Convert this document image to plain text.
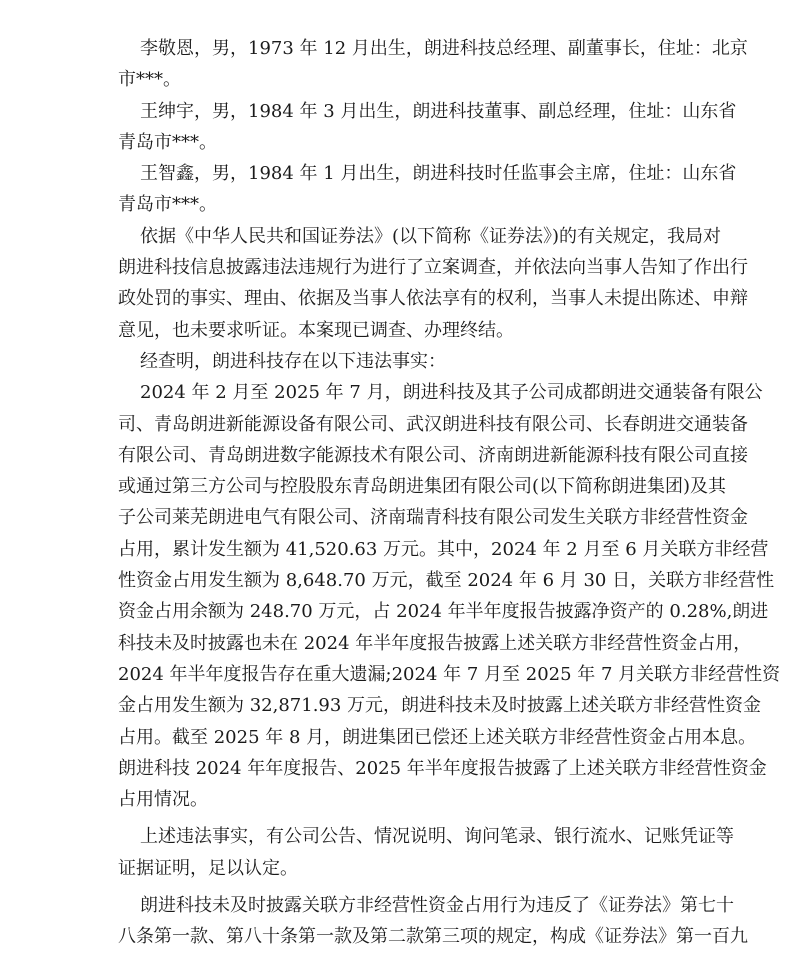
李敬恩，男，1973 年 12 月出生，朗进科技总经理、副董事长，住址：北京
市***。
王绅宇，男，1984 年 3 月出生，朗进科技董事、副总经理，住址：山东省
青岛市***。
王智鑫，男，1984 年 1 月出生，朗进科技时任监事会主席，住址：山东省
青岛市***。
依据《中华人民共和国证券法》(以下简称《证券法》)的有关规定，我局对
朗进科技信息披露违法违规行为进行了立案调查，并依法向当事人告知了作出行
政处罚的事实、理由、依据及当事人依法享有的权利，当事人未提出陈述、申辩
意见，也未要求听证。本案现已调查、办理终结。
经查明，朗进科技存在以下违法事实：
2024 年 2 月至 2025 年 7 月，朗进科技及其子公司成都朗进交通装备有限公
司、青岛朗进新能源设备有限公司、武汉朗进科技有限公司、长春朗进交通装备
有限公司、青岛朗进数字能源技术有限公司、济南朗进新能源科技有限公司直接
或通过第三方公司与控股股东青岛朗进集团有限公司(以下简称朗进集团)及其
子公司莱芜朗进电气有限公司、济南瑞青科技有限公司发生关联方非经营性资金
占用，累计发生额为 41,520.63 万元。其中，2024 年 2 月至 6 月关联方非经营
性资金占用发生额为 8,648.70 万元，截至 2024 年 6 月 30 日，关联方非经营性
资金占用余额为 248.70 万元，占 2024 年半年度报告披露净资产的 0.28%,朗进
科技未及时披露也未在 2024 年半年度报告披露上述关联方非经营性资金占用，
2024 年半年度报告存在重大遗漏;2024 年 7 月至 2025 年 7 月关联方非经营性资
金占用发生额为 32,871.93 万元，朗进科技未及时披露上述关联方非经营性资金
占用。截至 2025 年 8 月，朗进集团已偿还上述关联方非经营性资金占用本息。
朗进科技 2024 年年度报告、2025 年半年度报告披露了上述关联方非经营性资金
占用情况。
上述违法事实，有公司公告、情况说明、询问笔录、银行流水、记账凭证等
证据证明，足以认定。
朗进科技未及时披露关联方非经营性资金占用行为违反了《证券法》第七十
八条第一款、第八十条第一款及第二款第三项的规定，构成《证券法》第一百九
